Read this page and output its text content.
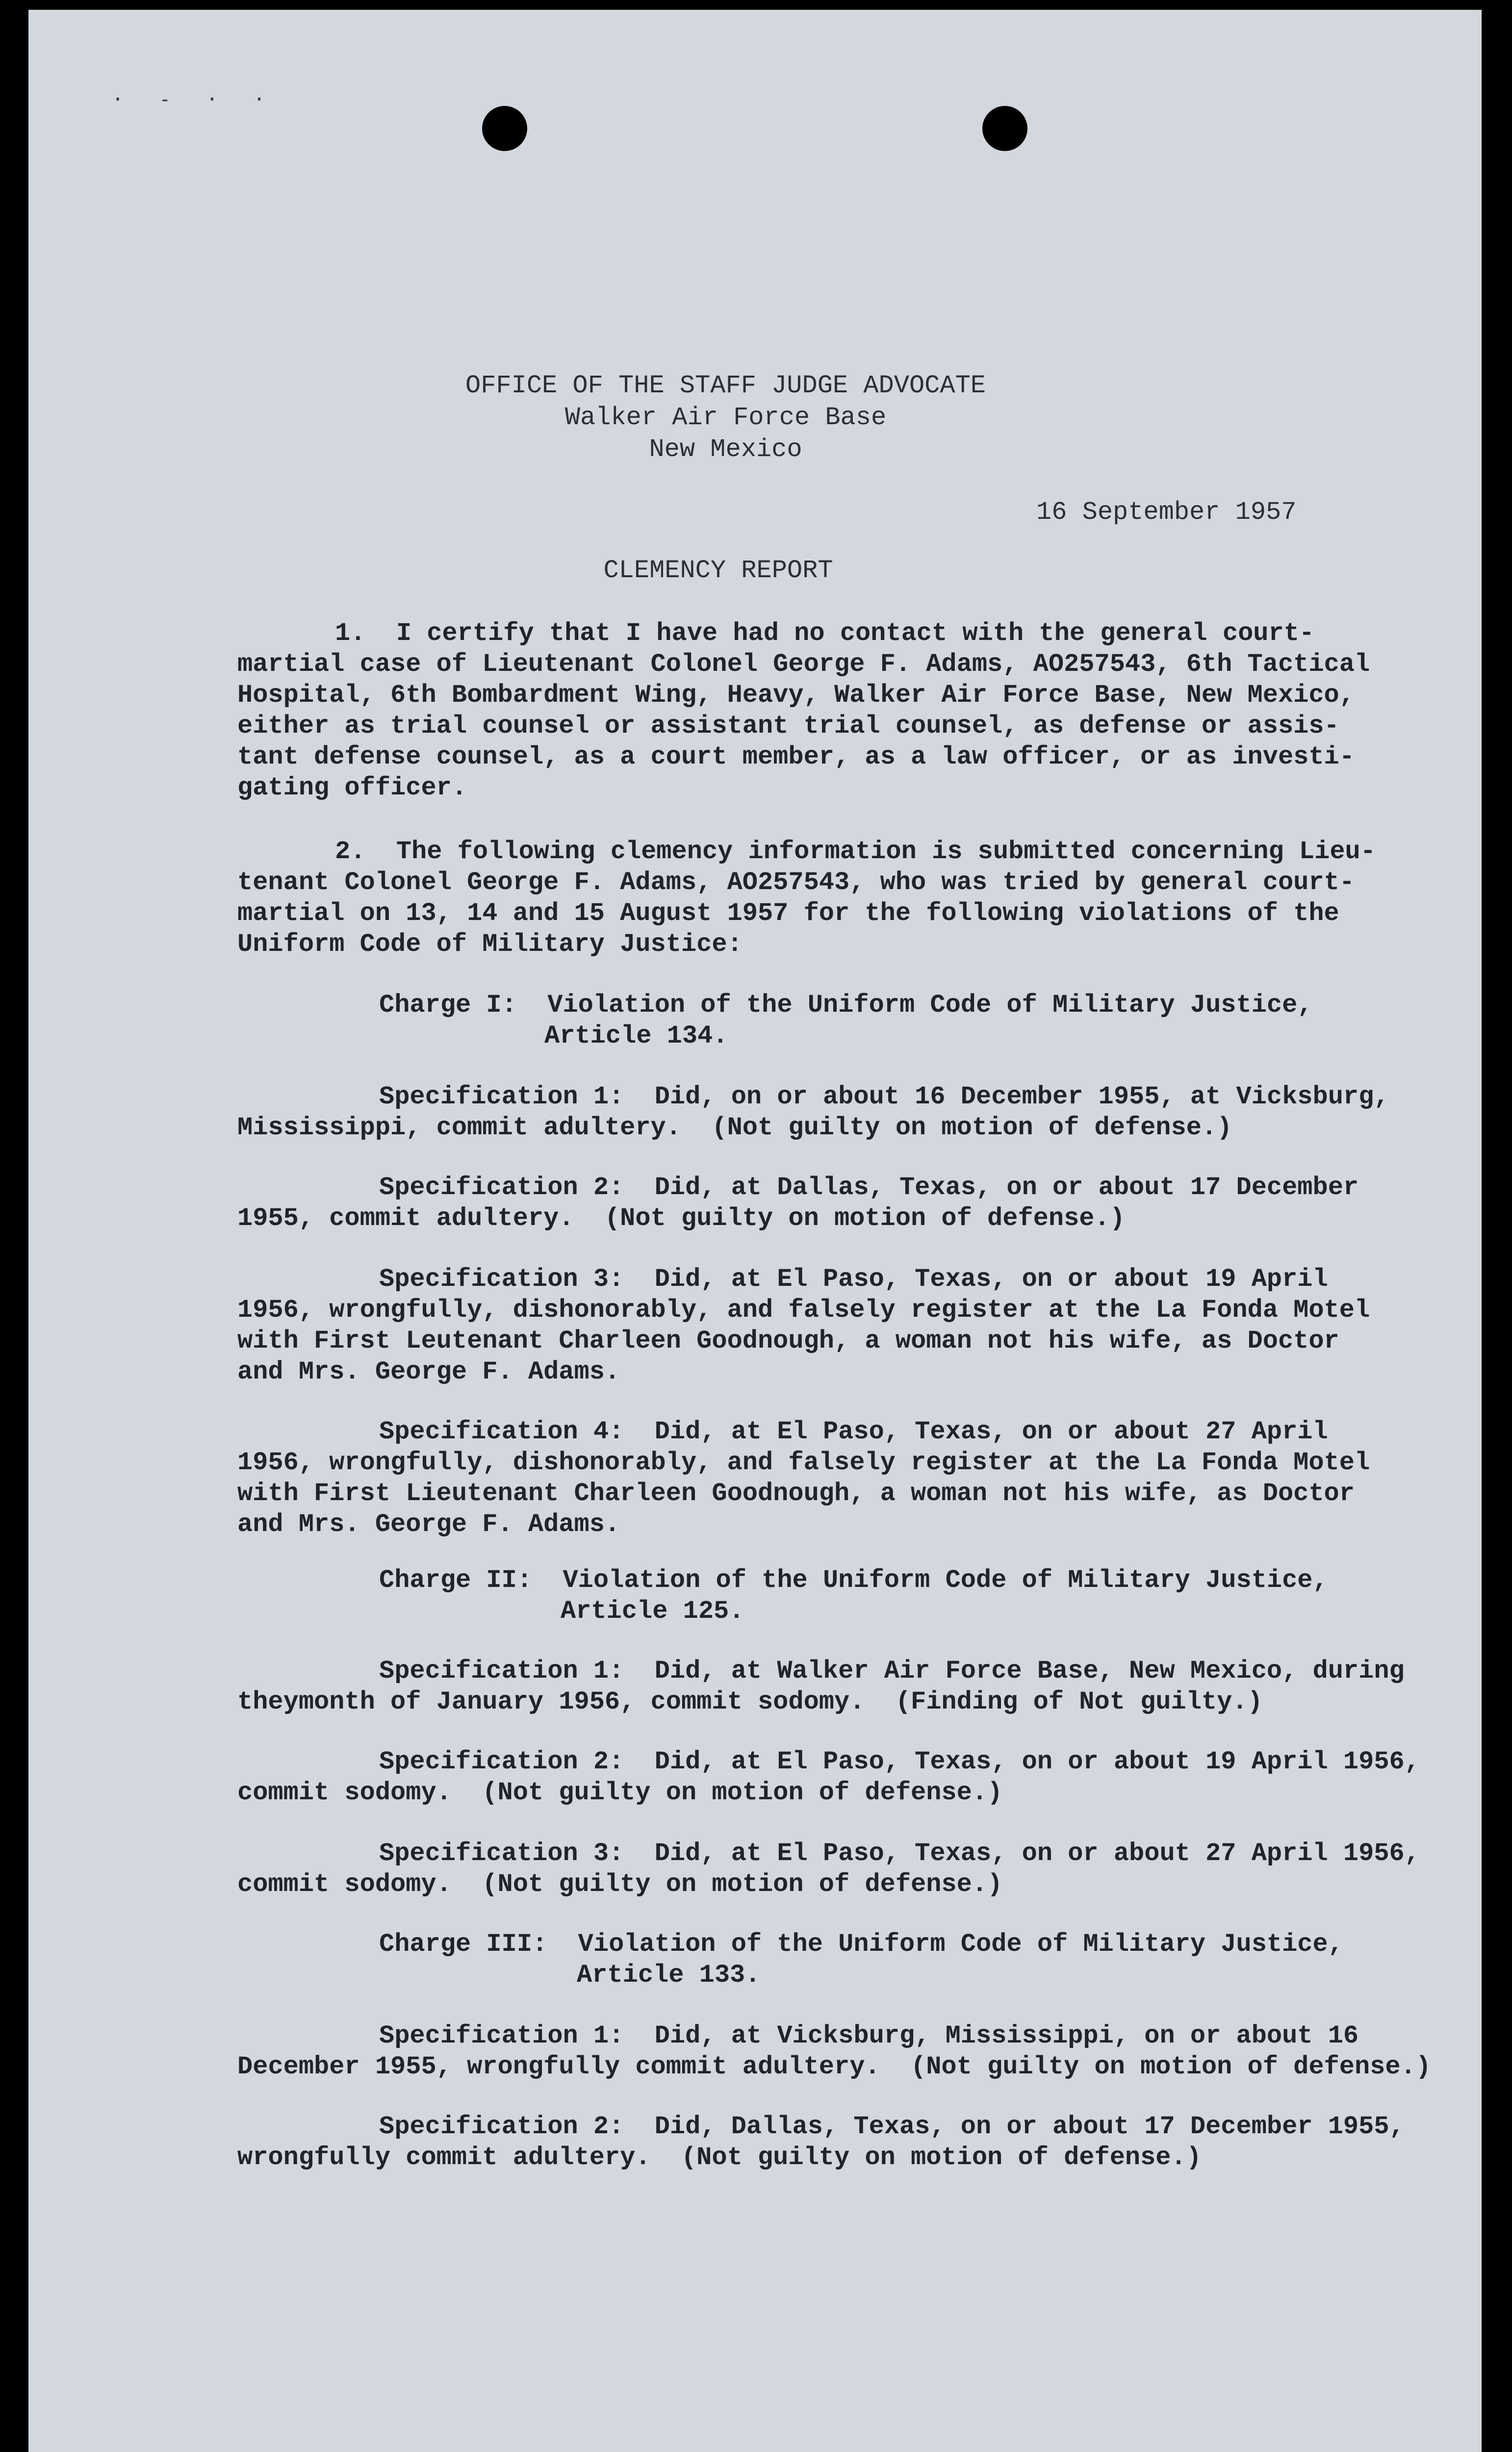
· - · ·
OFFICE OF THE STAFF JUDGE ADVOCATE
Walker Air Force Base
New Mexico
16 September 1957
CLEMENCY REPORT
1.  I certify that I have had no contact with the general court-
martial case of Lieutenant Colonel George F. Adams, AO257543, 6th Tactical
Hospital, 6th Bombardment Wing, Heavy, Walker Air Force Base, New Mexico,
either as trial counsel or assistant trial counsel, as defense or assis-
tant defense counsel, as a court member, as a law officer, or as investi-
gating officer.
2.  The following clemency information is submitted concerning Lieu-
tenant Colonel George F. Adams, AO257543, who was tried by general court-
martial on 13, 14 and 15 August 1957 for the following violations of the
Uniform Code of Military Justice:
Charge I:  Violation of the Uniform Code of Military Justice,
Article 134.
Specification 1:  Did, on or about 16 December 1955, at Vicksburg,
Mississippi, commit adultery.  (Not guilty on motion of defense.)
Specification 2:  Did, at Dallas, Texas, on or about 17 December
1955, commit adultery.  (Not guilty on motion of defense.)
Specification 3:  Did, at El Paso, Texas, on or about 19 April
1956, wrongfully, dishonorably, and falsely register at the La Fonda Motel
with First Leutenant Charleen Goodnough, a woman not his wife, as Doctor
and Mrs. George F. Adams.
Specification 4:  Did, at El Paso, Texas, on or about 27 April
1956, wrongfully, dishonorably, and falsely register at the La Fonda Motel
with First Lieutenant Charleen Goodnough, a woman not his wife, as Doctor
and Mrs. George F. Adams.
Charge II:  Violation of the Uniform Code of Military Justice,
Article 125.
Specification 1:  Did, at Walker Air Force Base, New Mexico, during
theymonth of January 1956, commit sodomy.  (Finding of Not guilty.)
Specification 2:  Did, at El Paso, Texas, on or about 19 April 1956,
commit sodomy.  (Not guilty on motion of defense.)
Specification 3:  Did, at El Paso, Texas, on or about 27 April 1956,
commit sodomy.  (Not guilty on motion of defense.)
Charge III:  Violation of the Uniform Code of Military Justice,
Article 133.
Specification 1:  Did, at Vicksburg, Mississippi, on or about 16
December 1955, wrongfully commit adultery.  (Not guilty on motion of defense.)
Specification 2:  Did, Dallas, Texas, on or about 17 December 1955,
wrongfully commit adultery.  (Not guilty on motion of defense.)
